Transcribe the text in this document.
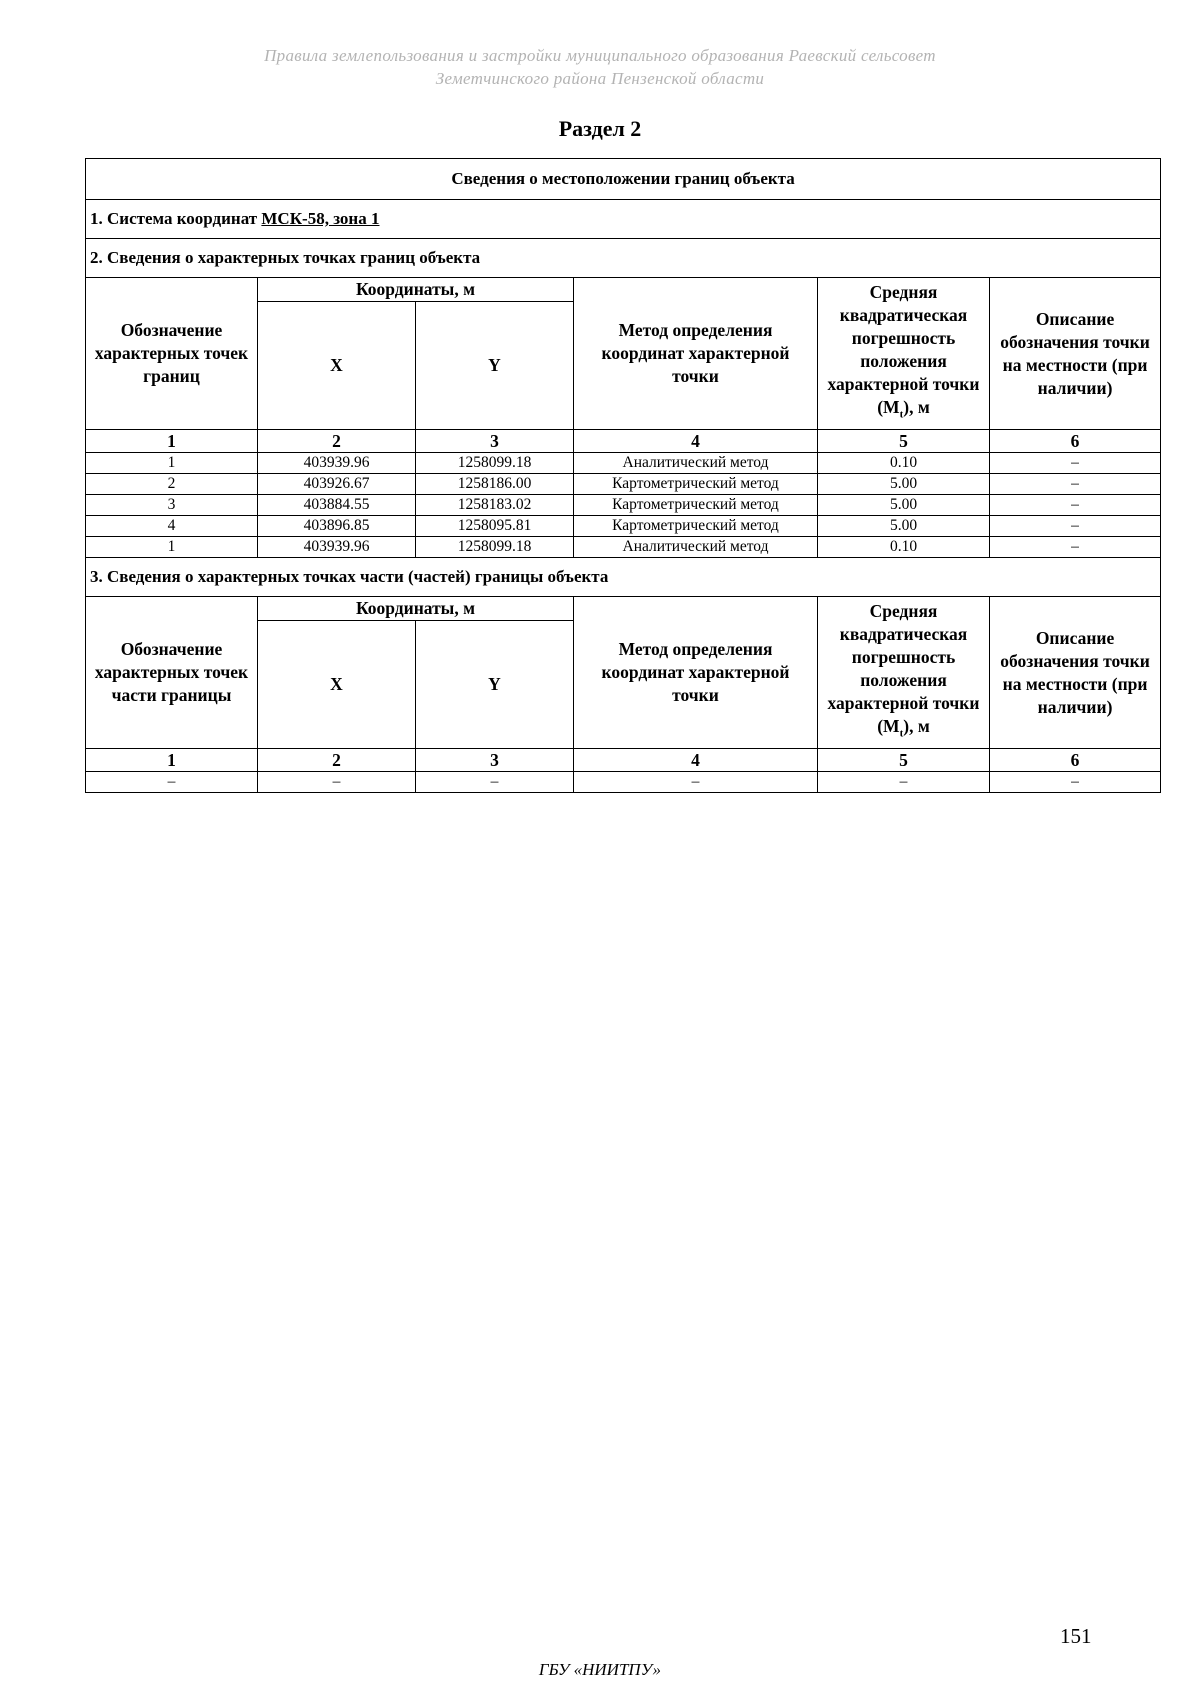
Правила землепользования и застройки муниципального образования Раевский сельсовет
Земетчинского района Пензенской области
Раздел 2
Сведения о местоположении границ объекта					
1. Система координат МСК-58, зона 1					
2. Сведения о характерных точках границ объекта					
Обозначение характерных точек границ	Координаты, м		Метод определения координат характерной точки	Средняя квадратическая погрешность положения характерной точки $(M_t)$, м	Описание обозначения точки на местности (при наличии)
	X	Y			
1	2	3	4	5	6
1	403939.96	1258099.18	Аналитический метод	0.10	–
2	403926.67	1258186.00	Картометрический метод	5.00	–
3	403884.55	1258183.02	Картометрический метод	5.00	–
4	403896.85	1258095.81	Картометрический метод	5.00	–
1	403939.96	1258099.18	Аналитический метод	0.10	–
3. Сведения о характерных точках части (частей) границы объекта					
Обозначение характерных точек части границы	Координаты, м		Метод определения координат характерной точки	Средняя квадратическая погрешность положения характерной точки $(M_t)$, м	Описание обозначения точки на местности (при наличии)
	X	Y			
1	2	3	4	5	6
–	–	–	–	–	–
151
ГБУ «НИИТПУ»
